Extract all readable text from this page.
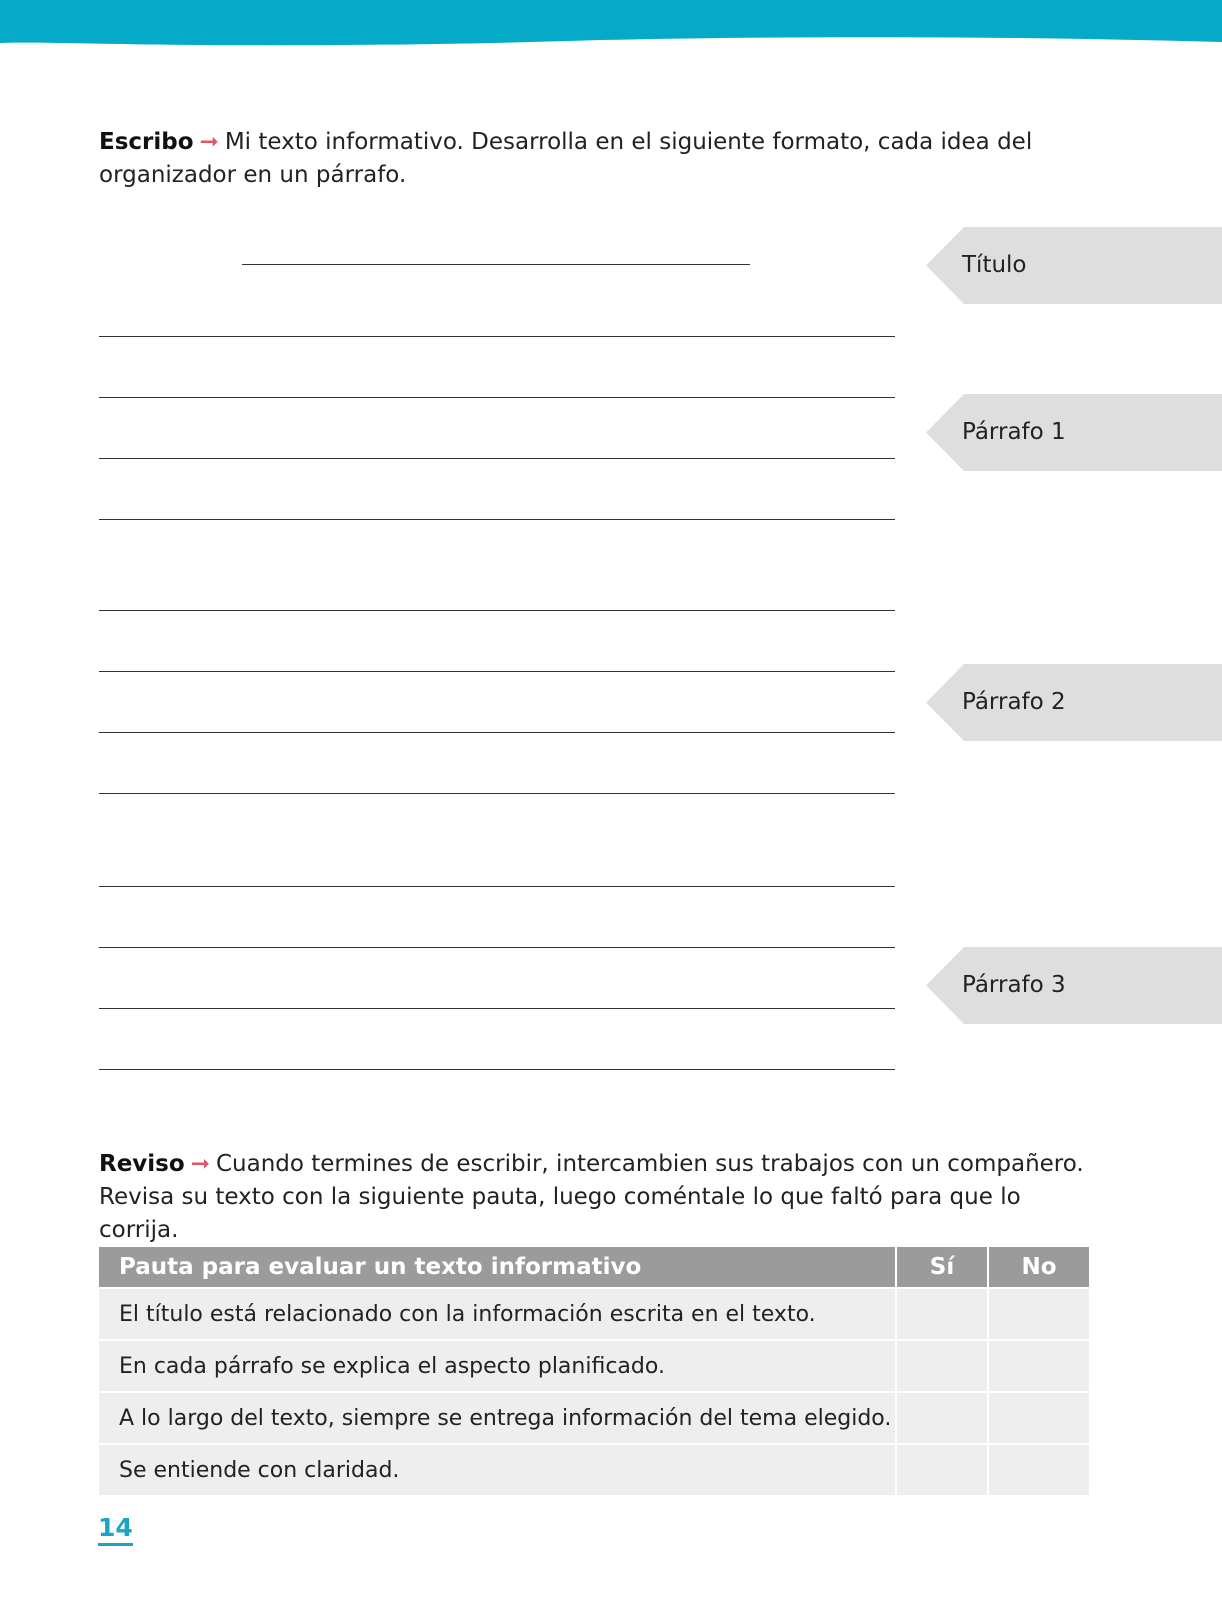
Escribo ➞ Mi texto informativo. Desarrolla en el siguiente formato, cada idea del organizador en un párrafo.
Título
Párrafo 1
Párrafo 2
Párrafo 3
Reviso ➞ Cuando termines de escribir, intercambien sus trabajos con un compañero. Revisa su texto con la siguiente pauta, luego coméntale lo que faltó para que lo corrija.
Pauta para evaluar un texto informativo	Sí	No
El título está relacionado con la información escrita en el texto.		
En cada párrafo se explica el aspecto planificado.		
A lo largo del texto, siempre se entrega información del tema elegido.		
Se entiende con claridad.		
14
